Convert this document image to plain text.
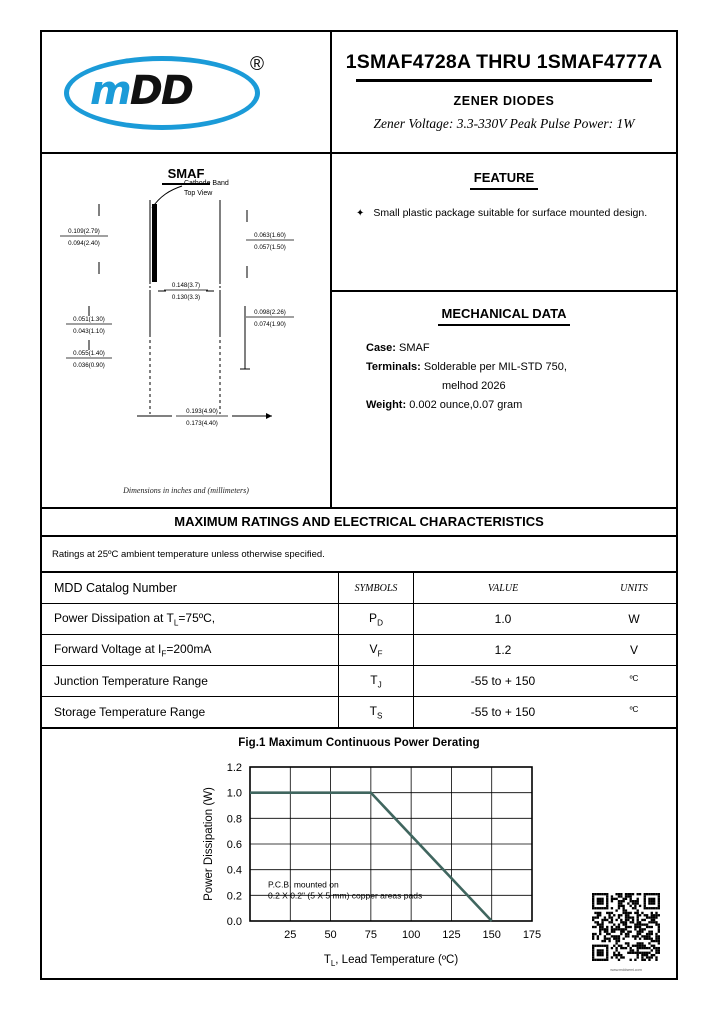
mDD
®	1SMAF4728A THRU 1SMAF4777A
ZENER DIODES
Zener Voltage: 3.3-330V Peak Pulse Power: 1W
SMAF
Cathode Band
Top View
0.109(2.79)
0.094(2.40)
0.063(1.60)
0.057(1.50)
0.148(3.7)
0.130(3.3)
0.051(1.30)
0.043(1.10)
0.055(1.40)
0.036(0.90)
0.098(2.26)
0.074(1.90)
0.193(4.90)
0.173(4.40)
Dimensions in inches and (millimeters)
FEATURE
✦ Small plastic package suitable for surface mounted design.
MECHANICAL DATA
Case: SMAF
Terminals: Solderable per MIL-STD 750,
melhod 2026
Weight: 0.002 ounce,0.07 gram
MAXIMUM RATINGS AND ELECTRICAL CHARACTERISTICS
Ratings at 25ºC ambient temperature unless otherwise specified.
MDD Catalog Number	SYMBOLS	VALUE	UNITS
Power Dissipation at $T_L=75ºC$,	$P_D$	1.0	W
Forward Voltage at $I_F=200mA$	$V_F$	1.2	V
Junction Temperature Range	$T_J$	-55 to + 150	$^{ºC}$
Storage Temperature Range	$T_S$	-55 to + 150	$^{ºC}$
Fig.1 Maximum Continuous Power Derating
0.0
0.2
0.4
0.6
0.8
1.0
1.2
25	50	75 100 125 150 175
P.C.B. mounted on
0.2 X 0.2" (5 X 5 mm) copper areas pads
Power Dissipation (W)
$T_L$, Lead Temperature (ºC)
www.mddsemi.com
